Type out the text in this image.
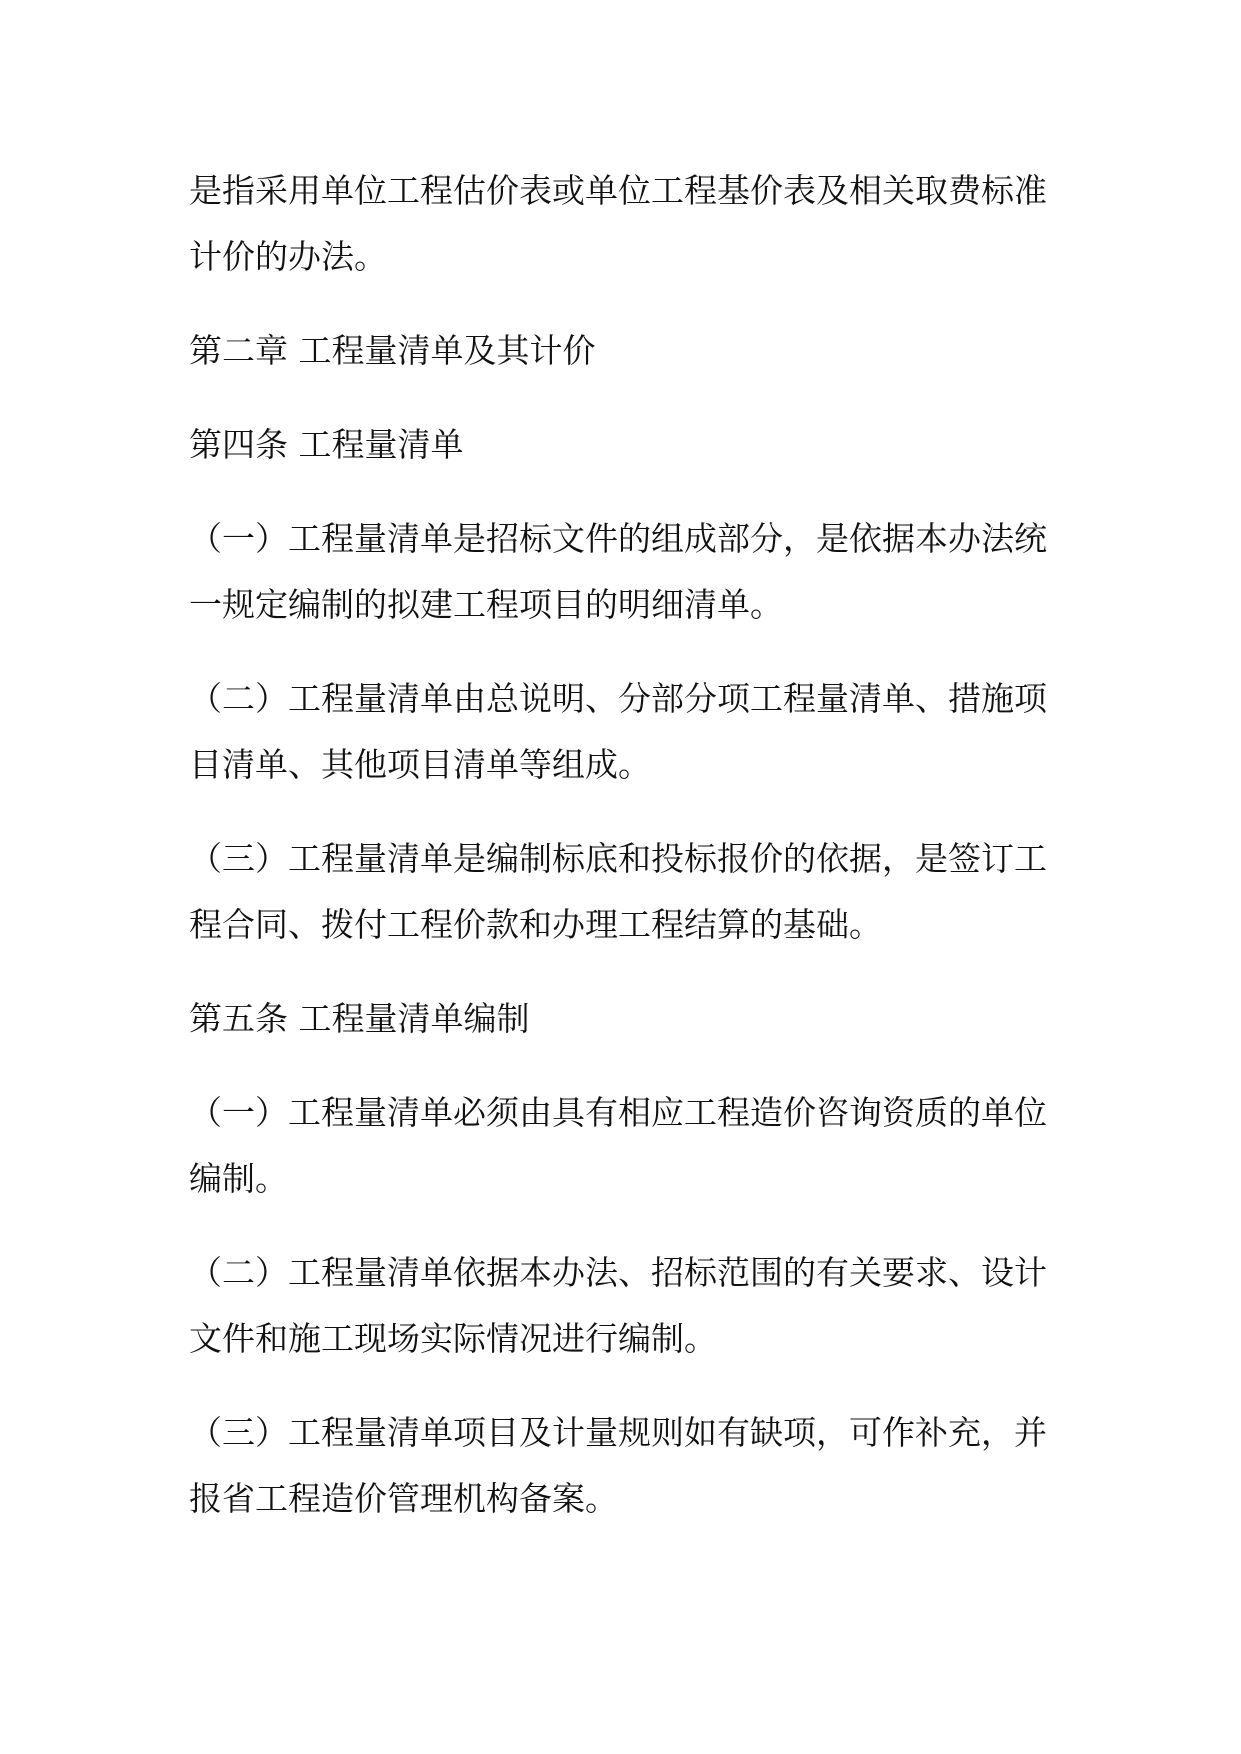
是指采用单位工程估价表或单位工程基价表及相关取费标准计价的办法。

第二章 工程量清单及其计价

第四条 工程量清单

（一）工程量清单是招标文件的组成部分，是依据本办法统一规定编制的拟建工程项目的明细清单。

（二）工程量清单由总说明、分部分项工程量清单、措施项目清单、其他项目清单等组成。

（三）工程量清单是编制标底和投标报价的依据，是签订工程合同、拨付工程价款和办理工程结算的基础。

第五条 工程量清单编制

（一）工程量清单必须由具有相应工程造价咨询资质的单位编制。

（二）工程量清单依据本办法、招标范围的有关要求、设计文件和施工现场实际情况进行编制。

（三）工程量清单项目及计量规则如有缺项，可作补充，并报省工程造价管理机构备案。
